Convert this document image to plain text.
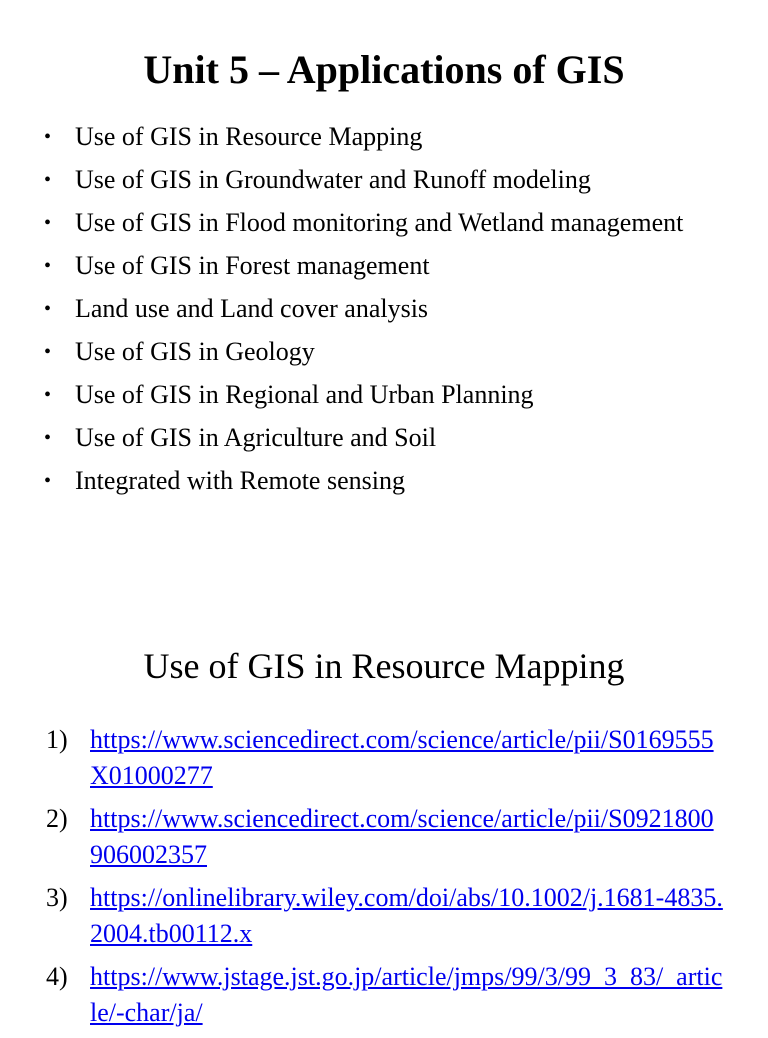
Unit 5 – Applications of GIS
• Use of GIS in Resource Mapping
• Use of GIS in Groundwater and Runoff modeling
• Use of GIS in Flood monitoring and Wetland management
• Use of GIS in Forest management
• Land use and Land cover analysis
• Use of GIS in Geology
• Use of GIS in Regional and Urban Planning
• Use of GIS in Agriculture and Soil
• Integrated with Remote sensing
Use of GIS in Resource Mapping
1) https://www.sciencedirect.com/science/article/pii/S0169555X01000277
2) https://www.sciencedirect.com/science/article/pii/S0921800906002357
3) https://onlinelibrary.wiley.com/doi/abs/10.1002/j.1681-4835.2004.tb00112.x
4) https://www.jstage.jst.go.jp/article/jmps/99/3/99_3_83/_article/-char/ja/
